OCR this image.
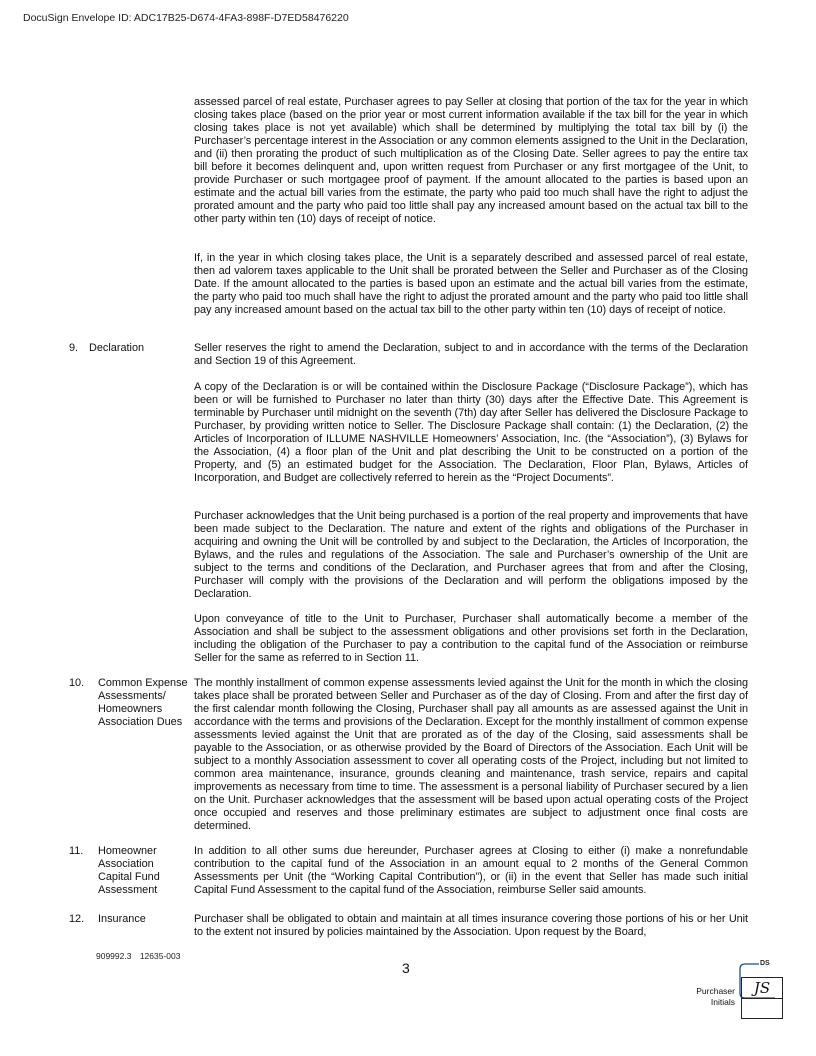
DocuSign Envelope ID: ADC17B25-D674-4FA3-898F-D7ED58476220

assessed parcel of real estate, Purchaser agrees to pay Seller at closing that portion of the tax for the year in which closing takes place (based on the prior year or most current information available if the tax bill for the year in which closing takes place is not yet available) which shall be determined by multiplying the total tax bill by (i) the Purchaser’s percentage interest in the Association or any common elements assigned to the Unit in the Declaration, and (ii) then prorating the product of such multiplication as of the Closing Date. Seller agrees to pay the entire tax bill before it becomes delinquent and, upon written request from Purchaser or any first mortgagee of the Unit, to provide Purchaser or such mortgagee proof of payment. If the amount allocated to the parties is based upon an estimate and the actual bill varies from the estimate, the party who paid too much shall have the right to adjust the prorated amount and the party who paid too little shall pay any increased amount based on the actual tax bill to the other party within ten (10) days of receipt of notice.

If, in the year in which closing takes place, the Unit is a separately described and assessed parcel of real estate, then ad valorem taxes applicable to the Unit shall be prorated between the Seller and Purchaser as of the Closing Date. If the amount allocated to the parties is based upon an estimate and the actual bill varies from the estimate, the party who paid too much shall have the right to adjust the prorated amount and the party who paid too little shall pay any increased amount based on the actual tax bill to the other party within ten (10) days of receipt of notice.

9. Declaration	Seller reserves the right to amend the Declaration, subject to and in accordance with the terms of the Declaration and Section 19 of this Agreement.

A copy of the Declaration is or will be contained within the Disclosure Package (“Disclosure Package”), which has been or will be furnished to Purchaser no later than thirty (30) days after the Effective Date. This Agreement is terminable by Purchaser until midnight on the seventh (7th) day after Seller has delivered the Disclosure Package to Purchaser, by providing written notice to Seller. The Disclosure Package shall contain: (1) the Declaration, (2) the Articles of Incorporation of ILLUME NASHVILLE Homeowners’ Association, Inc. (the “Association”), (3) Bylaws for the Association, (4) a floor plan of the Unit and plat describing the Unit to be constructed on a portion of the Property, and (5) an estimated budget for the Association. The Declaration, Floor Plan, Bylaws, Articles of Incorporation, and Budget are collectively referred to herein as the “Project Documents”.

Purchaser acknowledges that the Unit being purchased is a portion of the real property and improvements that have been made subject to the Declaration. The nature and extent of the rights and obligations of the Purchaser in acquiring and owning the Unit will be controlled by and subject to the Declaration, the Articles of Incorporation, the Bylaws, and the rules and regulations of the Association. The sale and Purchaser’s ownership of the Unit are subject to the terms and conditions of the Declaration, and Purchaser agrees that from and after the Closing, Purchaser will comply with the provisions of the Declaration and will perform the obligations imposed by the Declaration.

Upon conveyance of title to the Unit to Purchaser, Purchaser shall automatically become a member of the Association and shall be subject to the assessment obligations and other provisions set forth in the Declaration, including the obligation of the Purchaser to pay a contribution to the capital fund of the Association or reimburse Seller for the same as referred to in Section 11.

10. Common Expense Assessments/ Homeowners Association Dues

The monthly installment of common expense assessments levied against the Unit for the month in which the closing takes place shall be prorated between Seller and Purchaser as of the day of Closing. From and after the first day of the first calendar month following the Closing, Purchaser shall pay all amounts as are assessed against the Unit in accordance with the terms and provisions of the Declaration. Except for the monthly installment of common expense assessments levied against the Unit that are prorated as of the day of the Closing, said assessments shall be payable to the Association, or as otherwise provided by the Board of Directors of the Association. Each Unit will be subject to a monthly Association assessment to cover all operating costs of the Project, including but not limited to common area maintenance, insurance, grounds cleaning and maintenance, trash service, repairs and capital improvements as necessary from time to time. The assessment is a personal liability of Purchaser secured by a lien on the Unit. Purchaser acknowledges that the assessment will be based upon actual operating costs of the Project once occupied and reserves and those preliminary estimates are subject to adjustment once final costs are determined.

11. Homeowner Association Capital Fund Assessment

In addition to all other sums due hereunder, Purchaser agrees at Closing to either (i) make a nonrefundable contribution to the capital fund of the Association in an amount equal to 2 months of the General Common Assessments per Unit (the “Working Capital Contribution”), or (ii) in the event that Seller has made such initial Capital Fund Assessment to the capital fund of the Association, reimburse Seller said amounts.

12. Insurance	Purchaser shall be obligated to obtain and maintain at all times insurance covering those portions of his or her Unit to the extent not insured by policies maintained by the Association. Upon request by the Board,

909992.3 12635-003
3
Purchaser
Initials
DS
JS
